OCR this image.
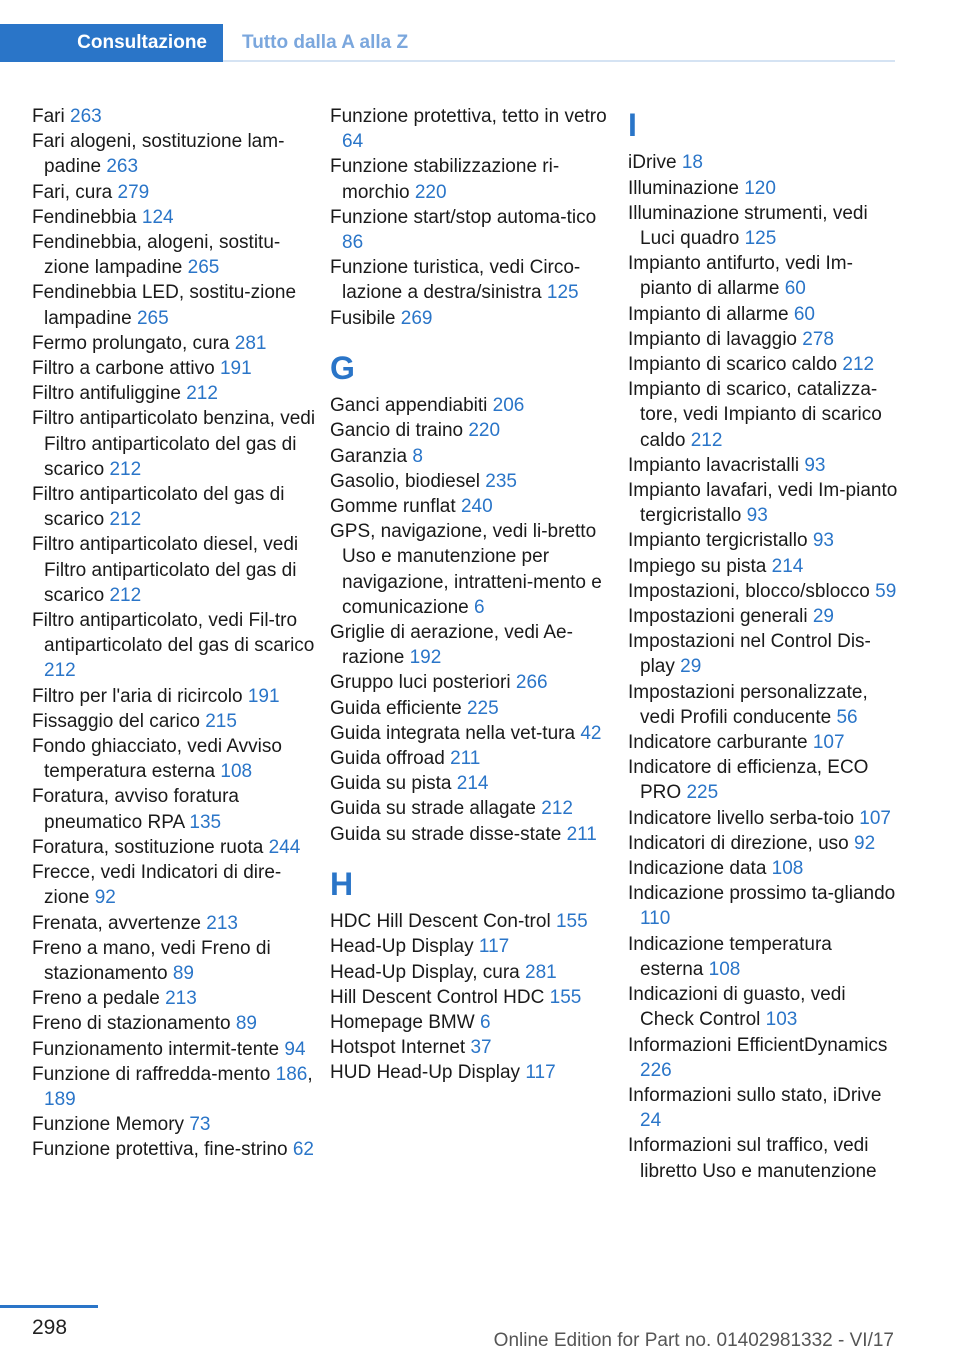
Consultazione	Tutto dalla A alla Z
Fari 263
Fari alogeni, sostituzione lam-padine 263
Fari, cura 279
Fendinebbia 124
Fendinebbia, alogeni, sostitu-zione lampadine 265
Fendinebbia LED, sostitu-zione lampadine 265
Fermo prolungato, cura 281
Filtro a carbone attivo 191
Filtro antifuliggine 212
Filtro antiparticolato benzina, vedi Filtro antiparticolato del gas di scarico 212
Filtro antiparticolato del gas di scarico 212
Filtro antiparticolato diesel, vedi Filtro antiparticolato del gas di scarico 212
Filtro antiparticolato, vedi Fil-tro antiparticolato del gas di scarico 212
Filtro per l'aria di ricircolo 191
Fissaggio del carico 215
Fondo ghiacciato, vedi Avviso temperatura esterna 108
Foratura, avviso foratura pneumatico RPA 135
Foratura, sostituzione ruota 244
Frecce, vedi Indicatori di dire-zione 92
Frenata, avvertenze 213
Freno a mano, vedi Freno di stazionamento 89
Freno a pedale 213
Freno di stazionamento 89
Funzionamento intermit-tente 94
Funzione di raffredda-mento 186, 189
Funzione Memory 73
Funzione protettiva, fine-strino 62
Funzione protettiva, tetto in vetro 64
Funzione stabilizzazione ri-morchio 220
Funzione start/stop automa-tico 86
Funzione turistica, vedi Circo-lazione a destra/sinistra 125
Fusibile 269
G
Ganci appendiabiti 206
Gancio di traino 220
Garanzia 8
Gasolio, biodiesel 235
Gomme runflat 240
GPS, navigazione, vedi li-bretto Uso e manutenzione per navigazione, intratteni-mento e comunicazione 6
Griglie di aerazione, vedi Ae-razione 192
Gruppo luci posteriori 266
Guida efficiente 225
Guida integrata nella vet-tura 42
Guida offroad 211
Guida su pista 214
Guida su strade allagate 212
Guida su strade disse-state 211
H
HDC Hill Descent Con-trol 155
Head-Up Display 117
Head-Up Display, cura 281
Hill Descent Control HDC 155
Homepage BMW 6
Hotspot Internet 37
HUD Head-Up Display 117
I
iDrive 18
Illuminazione 120
Illuminazione strumenti, vedi Luci quadro 125
Impianto antifurto, vedi Im-pianto di allarme 60
Impianto di allarme 60
Impianto di lavaggio 278
Impianto di scarico caldo 212
Impianto di scarico, catalizza-tore, vedi Impianto di scarico caldo 212
Impianto lavacristalli 93
Impianto lavafari, vedi Im-pianto tergicristallo 93
Impianto tergicristallo 93
Impiego su pista 214
Impostazioni, blocco/sblocco 59
Impostazioni generali 29
Impostazioni nel Control Dis-play 29
Impostazioni personalizzate, vedi Profili conducente 56
Indicatore carburante 107
Indicatore di efficienza, ECO PRO 225
Indicatore livello serba-toio 107
Indicatori di direzione, uso 92
Indicazione data 108
Indicazione prossimo ta-gliando 110
Indicazione temperatura esterna 108
Indicazioni di guasto, vedi Check Control 103
Informazioni EfficientDynamics 226
Informazioni sullo stato, iDrive 24
Informazioni sul traffico, vedi libretto Uso e manutenzione
298
Online Edition for Part no. 01402981332 - VI/17
